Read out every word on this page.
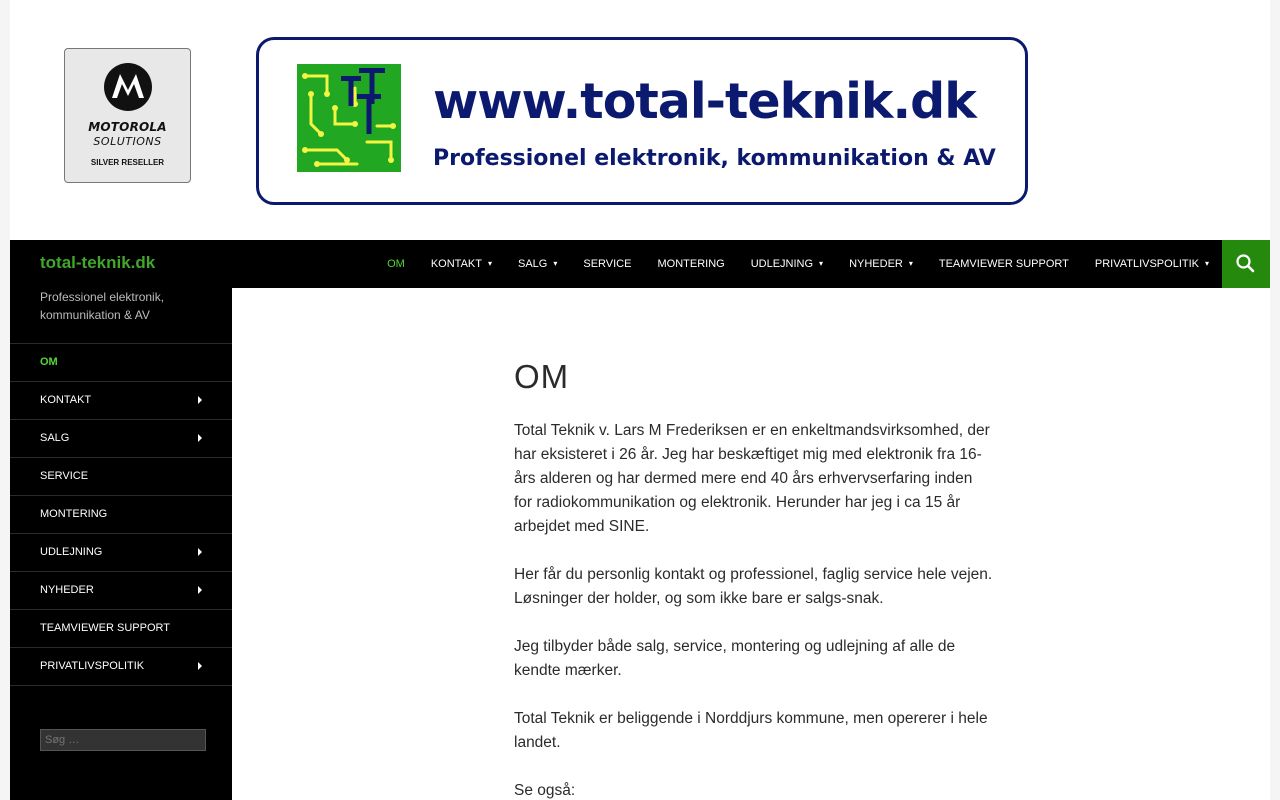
MOTOROLA
SOLUTIONS
SILVER RESELLER
www.total-teknik.dk
Professionel elektronik, kommunikation & AV
total-teknik.dk	OM KONTAKT ▾ SALG ▾ SERVICE MONTERING UDLEJNING ▾ NYHEDER ▾ TEAMVIEWER SUPPORT PRIVATLIVSPOLITIK ▾
Professionel elektronik, kommunikation & AV
OM
KONTAKT
SALG
SERVICE
MONTERING
UDLEJNING
NYHEDER
TEAMVIEWER SUPPORT
PRIVATLIVSPOLITIK
Søg …
OM

Total Teknik v. Lars M Frederiksen er en enkeltmandsvirksomhed, der har eksisteret i 26 år. Jeg har beskæftiget mig med elektronik fra 16-års alderen og har dermed mere end 40 års erhvervserfaring inden for radiokommunikation og elektronik. Herunder har jeg i ca 15 år arbejdet med SINE.

Her får du personlig kontakt og professionel, faglig service hele vejen. Løsninger der holder, og som ikke bare er salgs-snak.

Jeg tilbyder både salg, service, montering og udlejning af alle de kendte mærker.

Total Teknik er beliggende i Norddjurs kommune, men opererer i hele landet.

Se også:
